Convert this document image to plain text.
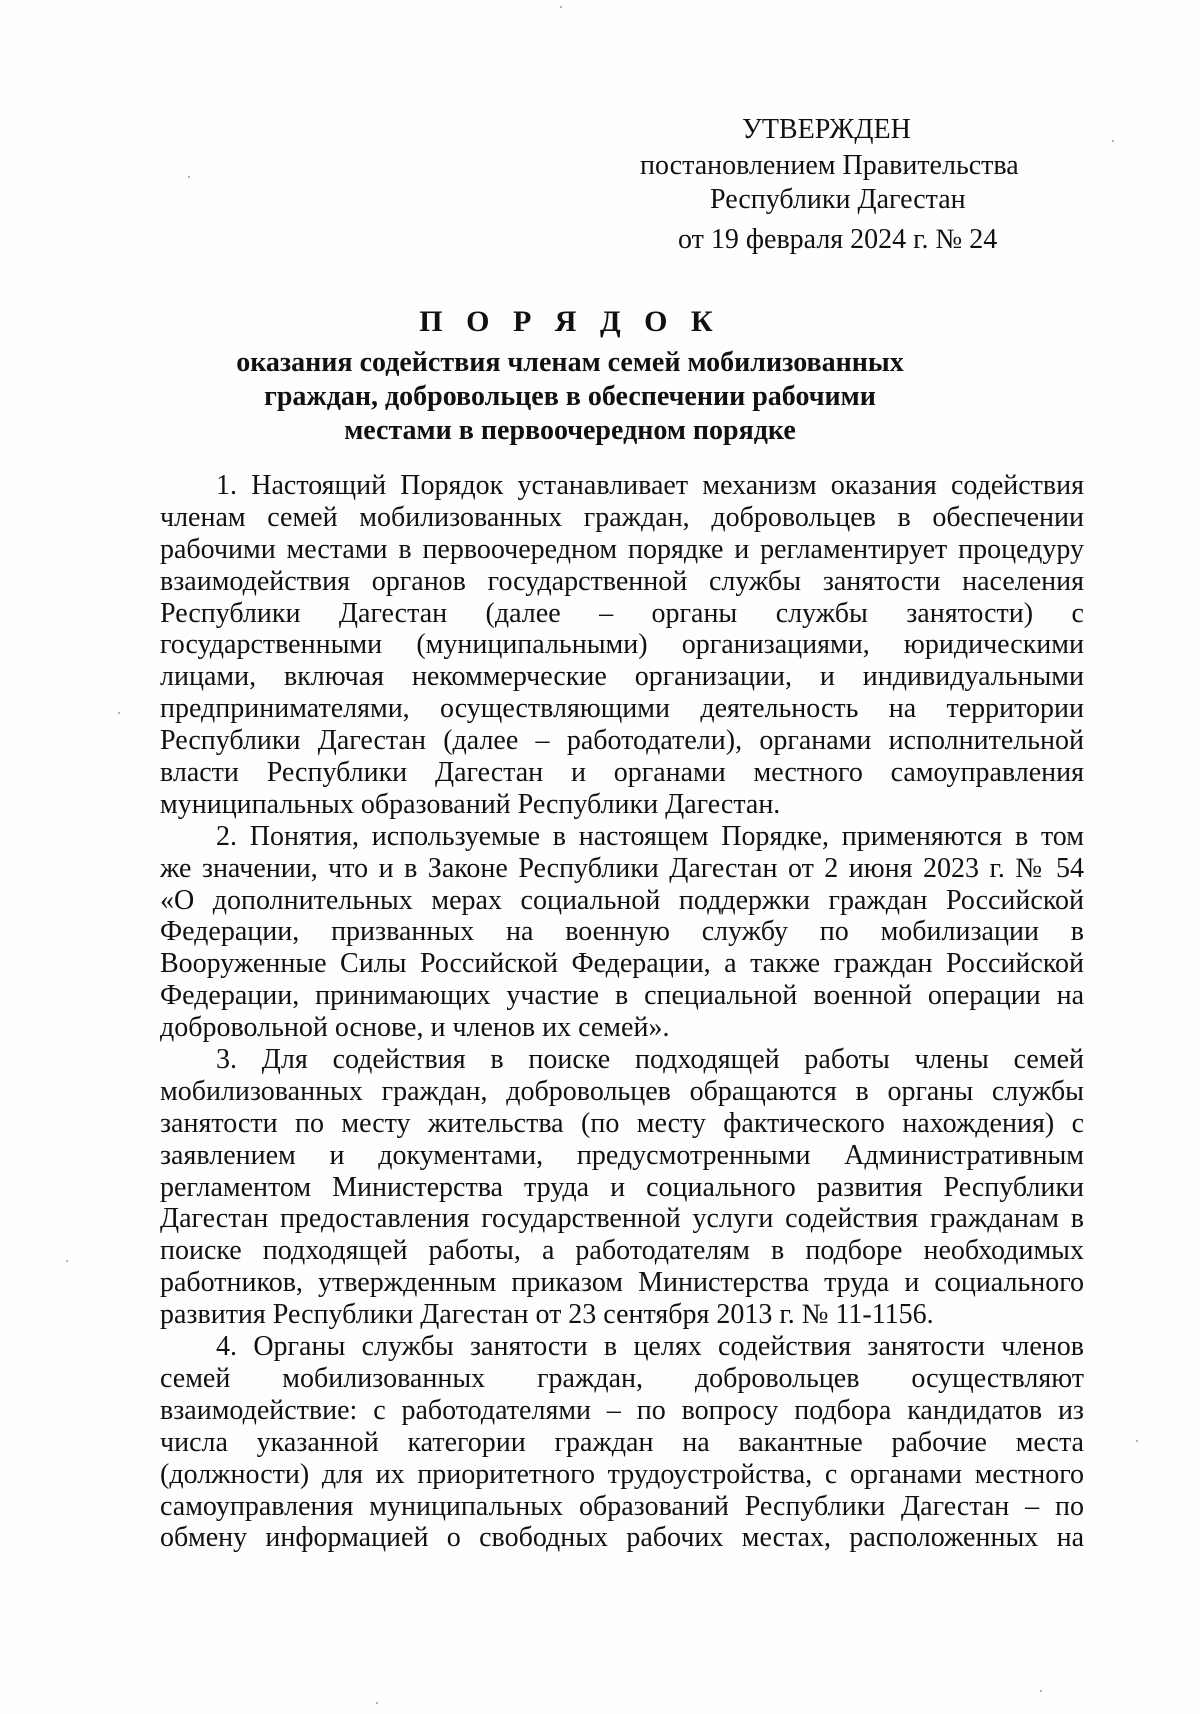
УТВЕРЖДЕН
постановлением Правительства
Республики Дагестан
от 19 февраля 2024 г. № 24
П О Р Я Д О К
оказания содействия членам семей мобилизованных
граждан, добровольцев в обеспечении рабочими
местами в первоочередном порядке
1. Настоящий Порядок устанавливает механизм оказания содействия
членам семей мобилизованных граждан, добровольцев в обеспечении
рабочими местами в первоочередном порядке и регламентирует процедуру
взаимодействия органов государственной службы занятости населения
Республики Дагестан (далее – органы службы занятости) с
государственными (муниципальными) организациями, юридическими
лицами, включая некоммерческие организации, и индивидуальными
предпринимателями, осуществляющими деятельность на территории
Республики Дагестан (далее – работодатели), органами исполнительной
власти Республики Дагестан и органами местного самоуправления
муниципальных образований Республики Дагестан.
2. Понятия, используемые в настоящем Порядке, применяются в том
же значении, что и в Законе Республики Дагестан от 2 июня 2023 г. № 54
«О дополнительных мерах социальной поддержки граждан Российской
Федерации, призванных на военную службу по мобилизации в
Вооруженные Силы Российской Федерации, а также граждан Российской
Федерации, принимающих участие в специальной военной операции на
добровольной основе, и членов их семей».
3. Для содействия в поиске подходящей работы члены семей
мобилизованных граждан, добровольцев обращаются в органы службы
занятости по месту жительства (по месту фактического нахождения) с
заявлением и документами, предусмотренными Административным
регламентом Министерства труда и социального развития Республики
Дагестан предоставления государственной услуги содействия гражданам в
поиске подходящей работы, а работодателям в подборе необходимых
работников, утвержденным приказом Министерства труда и социального
развития Республики Дагестан от 23 сентября 2013 г. № 11-1156.
4. Органы службы занятости в целях содействия занятости членов
семей мобилизованных граждан, добровольцев осуществляют
взаимодействие: с работодателями – по вопросу подбора кандидатов из
числа указанной категории граждан на вакантные рабочие места
(должности) для их приоритетного трудоустройства, с органами местного
самоуправления муниципальных образований Республики Дагестан – по
обмену информацией о свободных рабочих местах, расположенных на
